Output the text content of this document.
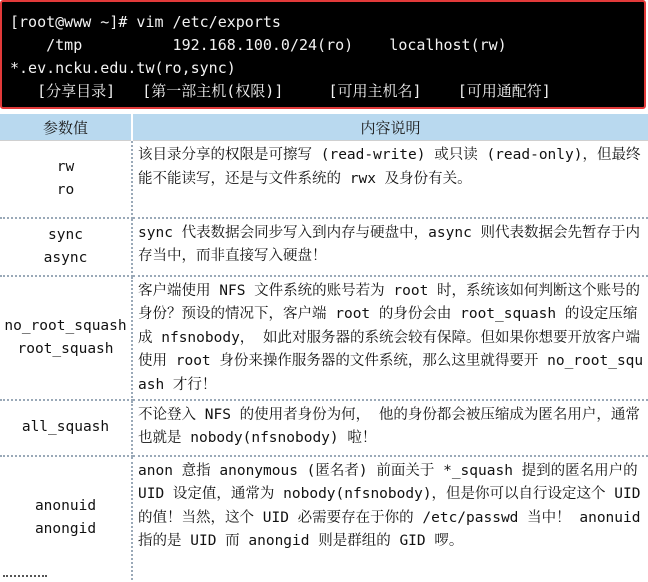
[root@www ~]# vim /etc/exports
/tmp          192.168.100.0/24(ro)    localhost(rw)
*.ev.ncku.edu.tw(ro,sync)
[分享目录]   [第一部主机(权限)]     [可用主机名]    [可用通配符]
参数值	内容说明

rw
ro	该目录分享的权限是可擦写 (read-write) 或只读 (read-only)，但最终能不能读写，还是与文件系统的 rwx 及身份有关。

sync
async	sync 代表数据会同步写入到内存与硬盘中，async 则代表数据会先暂存于内存当中，而非直接写入硬盘！

no_root_squash
root_squash	客户端使用 NFS 文件系统的账号若为 root 时，系统该如何判断这个账号的身份？预设的情况下，客户端 root 的身份会由 root_squash 的设定压缩成 nfsnobody， 如此对服务器的系统会较有保障。但如果你想要开放客户端使用 root 身份来操作服务器的文件系统，那么这里就得要开 no_root_squash 才行！

all_squash	不论登入 NFS 的使用者身份为何， 他的身份都会被压缩成为匿名用户，通常也就是 nobody(nfsnobody) 啦！

anonuid
anongid	anon 意指 anonymous (匿名者) 前面关于 *_squash 提到的匿名用户的 UID 设定值，通常为 nobody(nfsnobody)，但是你可以自行设定这个 UID 的值！当然，这个 UID 必需要存在于你的 /etc/passwd 当中！ anonuid 指的是 UID 而 anongid 则是群组的 GID 啰。
